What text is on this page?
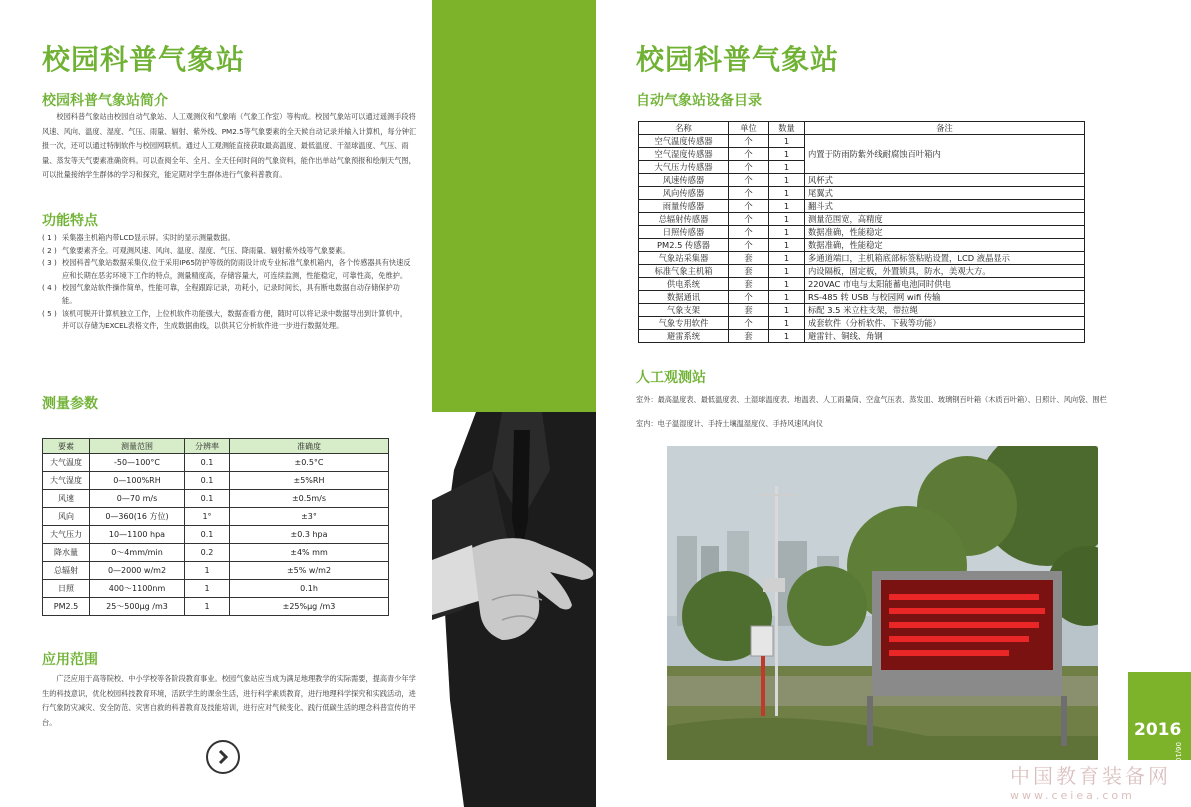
校园科普气象站
校园科普气象站简介
校园科普气象站由校园自动气象站、人工观测仪和气象哨（气象工作室）等构成。校园气象站可以通过遥测手段将风速、风向、温度、湿度、气压、雨量、辐射、紫外线、PM2.5等气象要素的全天候自动记录并输入计算机，每分钟汇报一次，还可以通过特制软件与校园网联机。通过人工观测能直接获取最高温度、最低温度、干湿球温度、气压、雨量、蒸发等天气要素准确资料。可以查阅全年、全月、全天任何时间的气象资料，能作出单站气象预报和绘制天气图，可以批量接纳学生群体的学习和探究，能定期对学生群体进行气象科普教育。
功能特点
( 1 ) 采集器主机箱内带LCD显示屏。实时的显示测量数据。
( 2 ) 气象要素齐全。可观测风速、风向、温度、湿度、气压、降雨量、辐射紫外线等气象要素。
( 3 ) 校园科普气象站数据采集仪,位于采用IP65防护等级的防雨设计成专业标准气象机箱内，各个传感器具有快速反应和长期在恶劣环境下工作的特点，测量精度高，存储容量大，可连续监测，性能稳定，可靠性高，免维护。
( 4 ) 校园气象站软件操作简单，性能可靠，全程跟踪记录，功耗小，记录时间长，具有断电数据自动存储保护功能。
( 5 ) 该机可脱开计算机独立工作，上位机软件功能强大，数据查看方便，随时可以将记录中数据导出到计算机中，并可以存储为EXCEL表格文件，生成数据曲线，以供其它分析软件进一步进行数据处理。
测量参数
要素	测量范围	分辨率	准确度
大气温度	-50—100°C	0.1	±0.5°C
大气湿度	0—100%RH	0.1	±5%RH
风速	0—70 m/s	0.1	±0.5m/s
风向	0—360(16 方位)	1°	±3°
大气压力	10—1100 hpa	0.1	±0.3 hpa
降水量	0～4mm/min	0.2	±4% mm
总辐射	0—2000 w/m2	1	±5% w/m2
日照	400～1100nm	1	0.1h
PM2.5	25～500μg /m3	1	±25%μg /m3
应用范围
广泛应用于高等院校、中小学校等各阶段教育事业。校园气象站应当成为满足地理教学的实际需要，提高青少年学生的科技意识，优化校园科技教育环境，活跃学生的课余生活，进行科学素质教育，进行地理科学探究和实践活动，进行气象防灾减灾、安全防范、灾害自救的科普教育及技能培训，进行应对气候变化、践行低碳生活的理念科普宣传的平台。
校园科普气象站
自动气象站设备目录
名称	单位	数量	备注
空气温度传感器	个	1	内置于防雨防紫外线耐腐蚀百叶箱内
空气湿度传感器	个	1	
大气压力传感器	个	1	
风速传感器	个	1	风杯式
风向传感器	个	1	尾翼式
雨量传感器	个	1	翻斗式
总辐射传感器	个	1	测量范围宽，高精度
日照传感器	个	1	数据准确，性能稳定
PM2.5 传感器	个	1	数据准确，性能稳定
气象站采集器	套	1	多通道端口，主机箱底部标签粘贴设置，LCD 液晶显示
标准气象主机箱	套	1	内设隔板，固定板，外置锁具，防水，美观大方。
供电系统	套	1	220VAC 市电与太阳能蓄电池同时供电
数据通讯	个	1	RS-485 转 USB 与校园网 wifi 传输
气象支架	套	1	标配 3.5 米立柱支架，带拉绳
气象专用软件	个	1	成套软件（分析软件、下载等功能）
避雷系统	套	1	避雷针、铜线、角钢
人工观测站
室外：最高温度表、最低温度表、土湿球温度表、地温表、人工雨量筒、空盒气压表、蒸发皿、玻璃钢百叶箱（木质百叶箱）、日照计、风向袋、围栏
室内：电子温湿度计、手持土壤温湿度仪、手持风速风向仪
2016
06/10
中国教育装备网
www.ceiea.com
